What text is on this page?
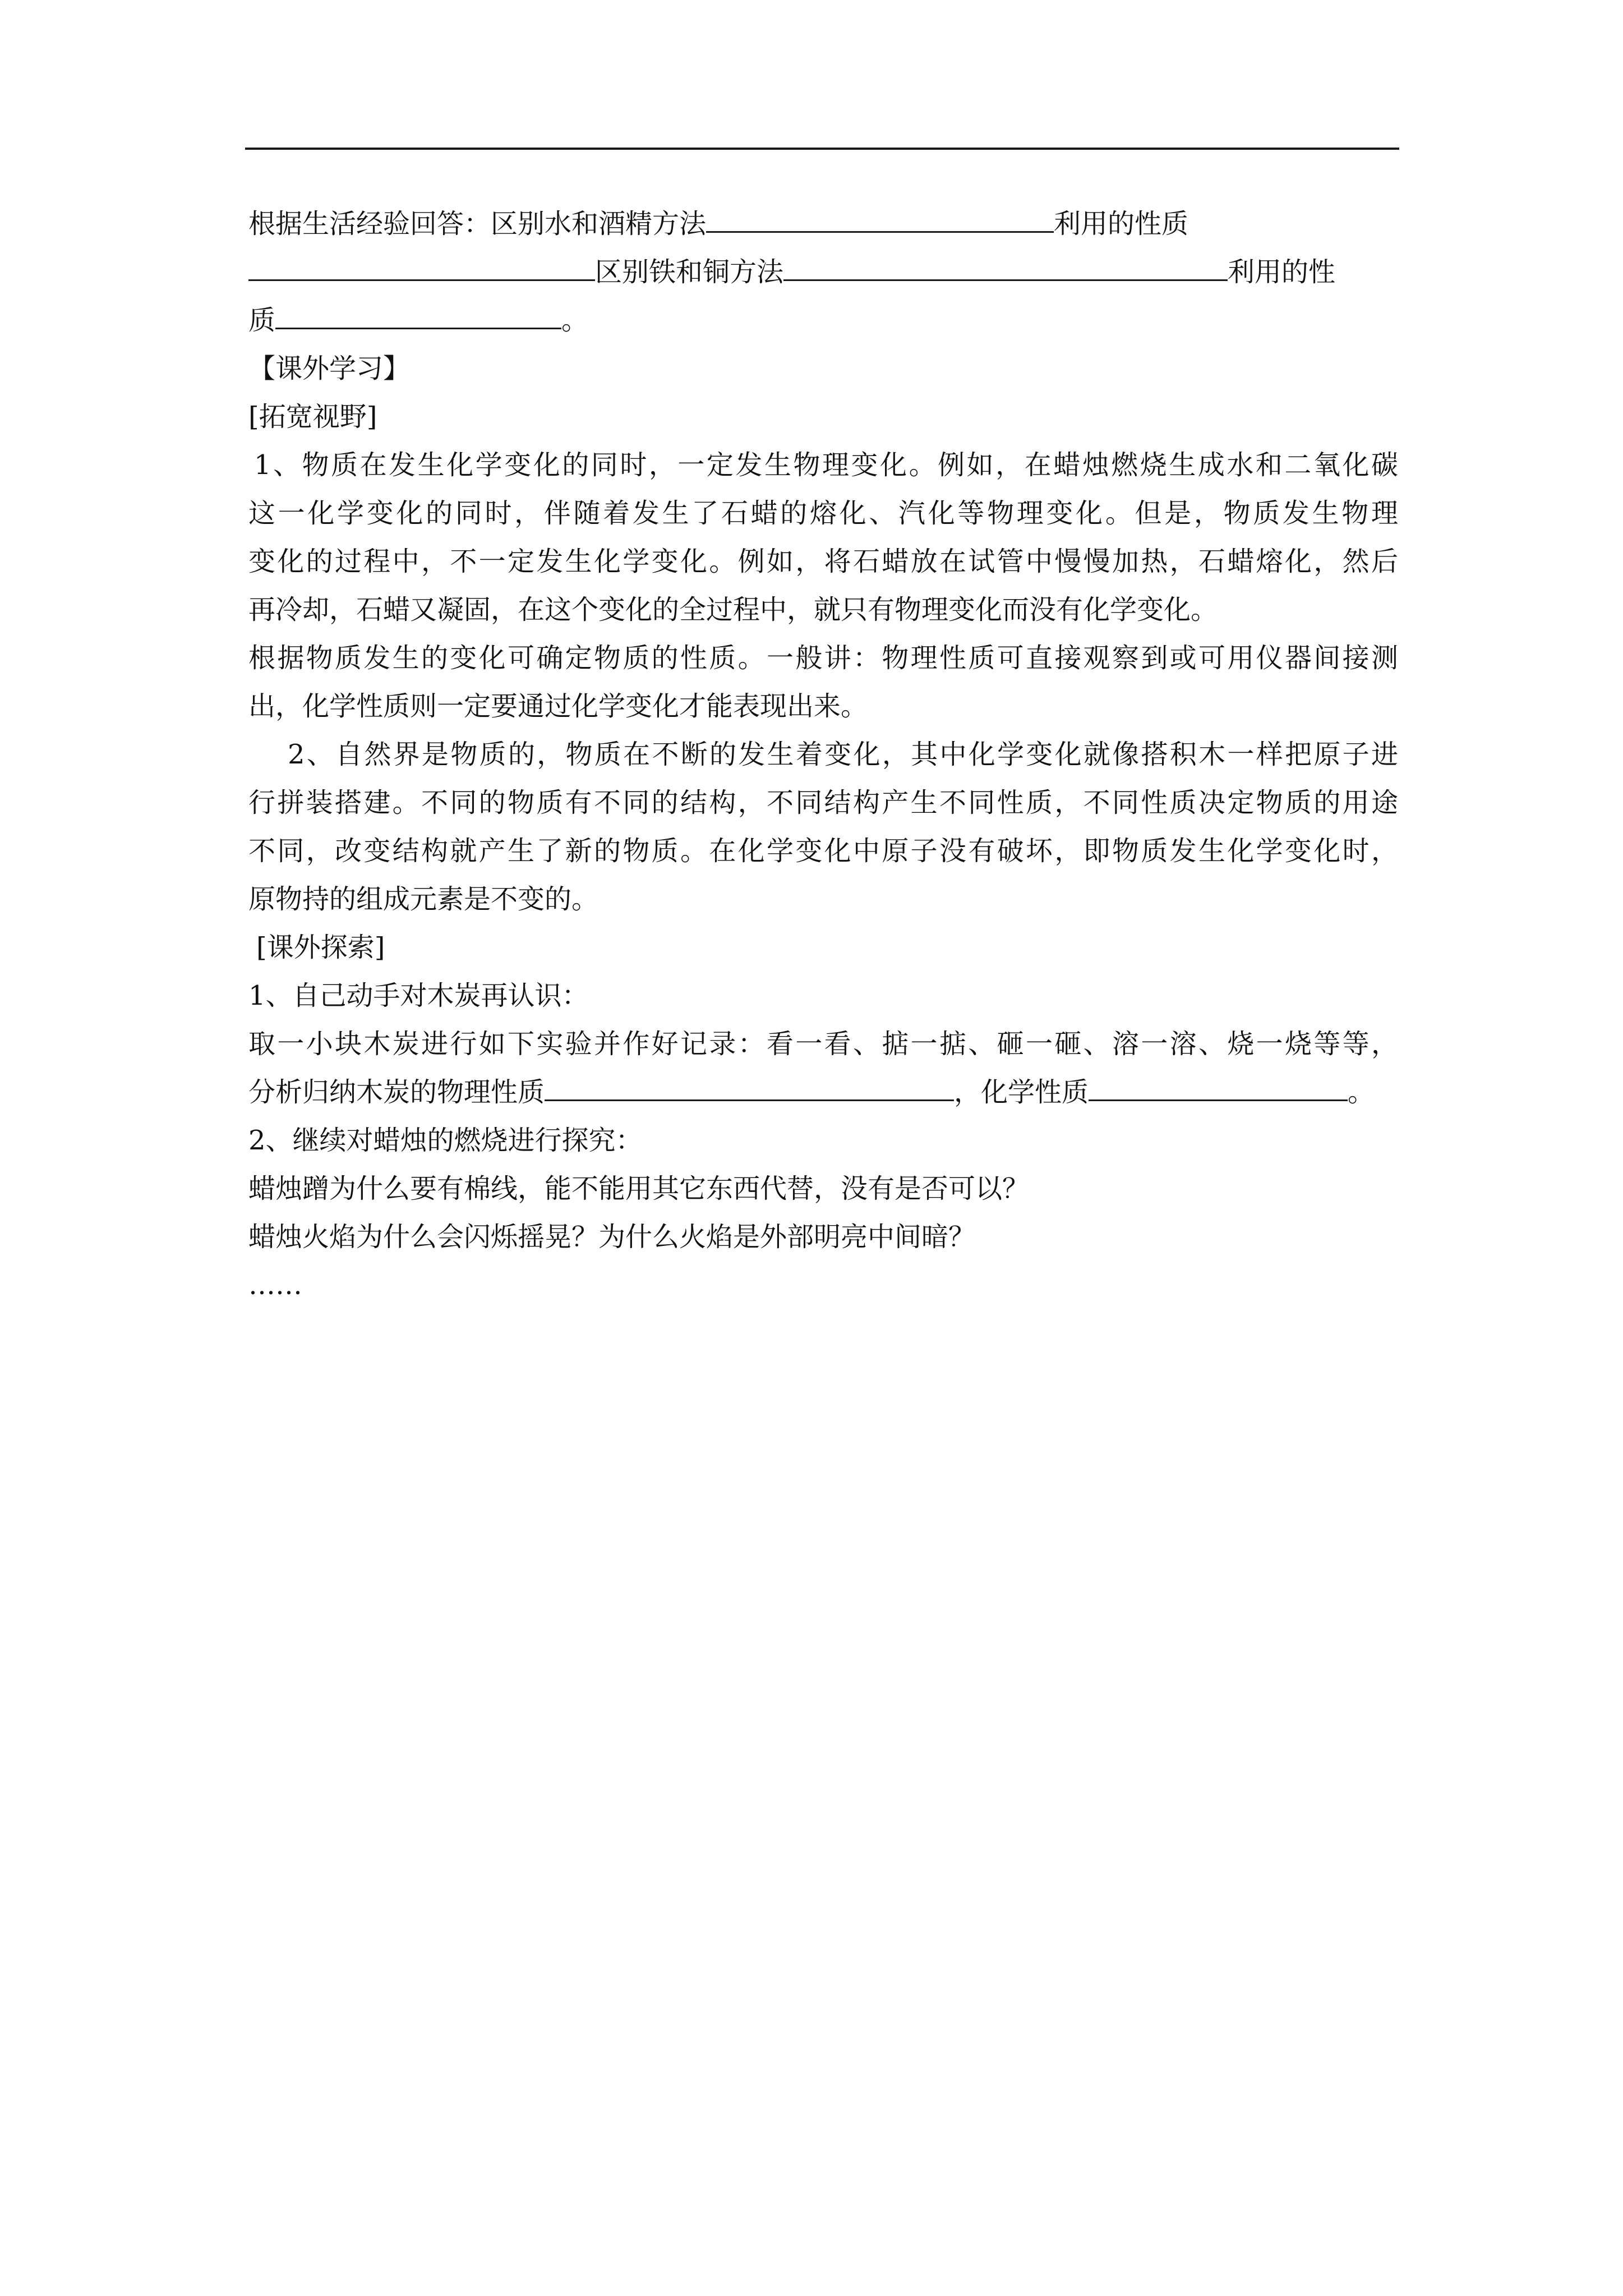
根据生活经验回答：区别水和酒精方法	利用的性质
区别铁和铜方法	利用的性
质	。
【课外学习】
[拓宽视野]
1、物质在发生化学变化的同时，一定发生物理变化。例如，在蜡烛燃烧生成水和二氧化碳
这一化学变化的同时，伴随着发生了石蜡的熔化、汽化等物理变化。但是，物质发生物理
变化的过程中，不一定发生化学变化。例如，将石蜡放在试管中慢慢加热，石蜡熔化，然后
再冷却，石蜡又凝固，在这个变化的全过程中，就只有物理变化而没有化学变化。
根据物质发生的变化可确定物质的性质。一般讲：物理性质可直接观察到或可用仪器间接测
出，化学性质则一定要通过化学变化才能表现出来。
2、自然界是物质的，物质在不断的发生着变化，其中化学变化就像搭积木一样把原子进
行拼装搭建。不同的物质有不同的结构，不同结构产生不同性质，不同性质决定物质的用途
不同，改变结构就产生了新的物质。在化学变化中原子没有破坏，即物质发生化学变化时，
原物持的组成元素是不变的。
[课外探索]
1、自己动手对木炭再认识：
取一小块木炭进行如下实验并作好记录：看一看、掂一掂、砸一砸、溶一溶、烧一烧等等，
分析归纳木炭的物理性质	，化学性质	。
2、继续对蜡烛的燃烧进行探究：
蜡烛蹭为什么要有棉线，能不能用其它东西代替，没有是否可以？
蜡烛火焰为什么会闪烁摇晃？为什么火焰是外部明亮中间暗？
……
